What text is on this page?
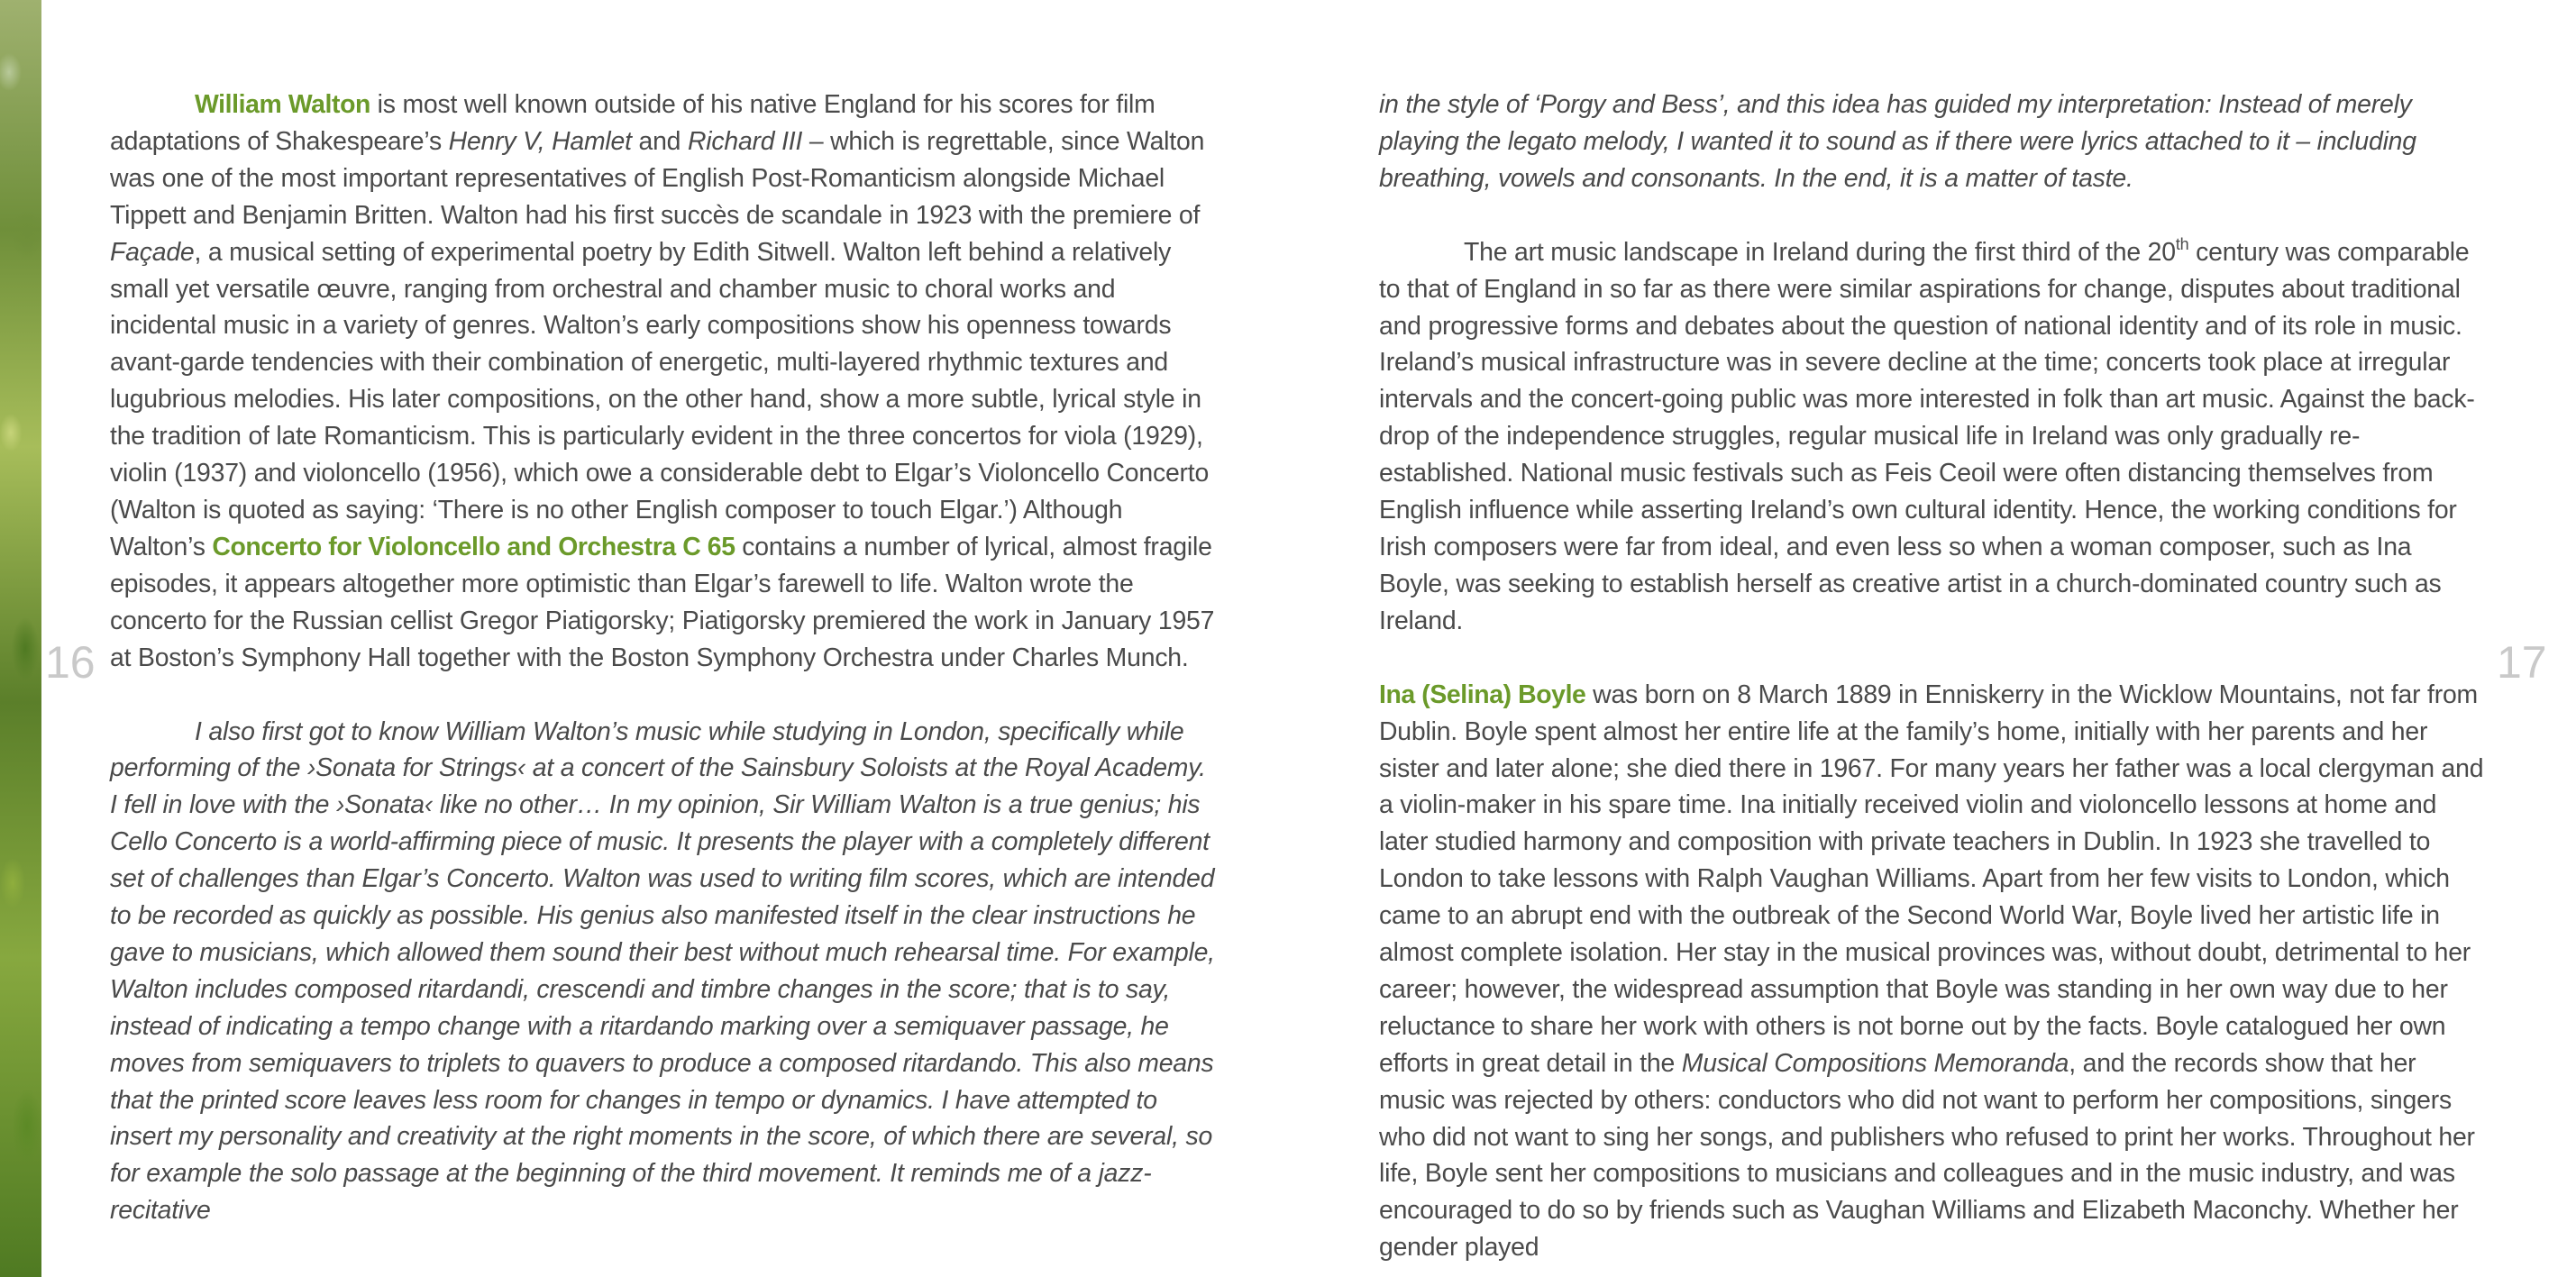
16	17

William Walton is most well known outside of his native England for his scores for film adaptations of Shakespeare’s Henry V, Hamlet and Richard III – which is regrettable, since Walton was one of the most important representatives of English Post-Romanticism alongside Michael Tippett and Benjamin Britten. Walton had his first succès de scandale in 1923 with the premiere of Façade, a musical setting of experimental poetry by Edith Sitwell. Walton left behind a relatively small yet versatile œuvre, ranging from orchestral and chamber music to choral works and incidental music in a variety of genres. Walton’s early compositions show his openness towards avant-garde tendencies with their combination of energetic, multi-layered rhythmic textures and lugubrious melodies. His later compositions, on the other hand, show a more subtle, lyrical style in the tradition of late Romanticism. This is particularly evident in the three concertos for viola (1929), violin (1937) and violoncello (1956), which owe a considerable debt to Elgar’s Violoncello Concerto (Walton is quoted as saying: ‘There is no other English composer to touch Elgar.’) Although Walton’s Concerto for Violoncello and Orchestra C 65 contains a number of lyrical, almost fragile episodes, it appears altogether more optimistic than Elgar’s farewell to life. Walton wrote the concerto for the Russian cellist Gregor Piatigorsky; Piatigorsky premiered the work in January 1957 at Boston’s Symphony Hall together with the Boston Symphony Orchestra under Charles Munch.

I also first got to know William Walton’s music while studying in London, specifically while performing of the ›Sonata for Strings‹ at a concert of the Sainsbury Soloists at the Royal Academy. I fell in love with the ›Sonata‹ like no other… In my opinion, Sir William Walton is a true genius; his Cello Concerto is a world-affirming piece of music. It presents the player with a completely different set of challenges than Elgar’s Concerto. Walton was used to writing film scores, which are intended to be recorded as quickly as possible. His genius also manifested itself in the clear instructions he gave to musicians, which allowed them sound their best without much rehearsal time. For example, Walton includes composed ritardandi, crescendi and timbre changes in the score; that is to say, instead of indicating a tempo change with a ritardando marking over a semiquaver passage, he moves from semiquavers to triplets to quavers to produce a composed ritardando. This also means that the printed score leaves less room for changes in tempo or dynamics. I have attempted to insert my personality and creativity at the right moments in the score, of which there are several, so for example the solo passage at the beginning of the third movement. It reminds me of a jazz-recitative

in the style of ‘Porgy and Bess’, and this idea has guided my interpretation: Instead of merely playing the legato melody, I wanted it to sound as if there were lyrics attached to it – including breathing, vowels and consonants. In the end, it is a matter of taste.

The art music landscape in Ireland during the first third of the 20th century was comparable to that of England in so far as there were similar aspirations for change, disputes about traditional and progressive forms and debates about the question of national identity and of its role in music. Ireland’s musical infrastructure was in severe decline at the time; concerts took place at irregular intervals and the concert-going public was more interested in folk than art music. Against the backdrop of the independence struggles, regular musical life in Ireland was only gradually re-established. National music festivals such as Feis Ceoil were often distancing themselves from English influence while asserting Ireland’s own cultural identity. Hence, the working conditions for Irish composers were far from ideal, and even less so when a woman composer, such as Ina Boyle, was seeking to establish herself as creative artist in a church-dominated country such as Ireland.

Ina (Selina) Boyle was born on 8 March 1889 in Enniskerry in the Wicklow Mountains, not far from Dublin. Boyle spent almost her entire life at the family’s home, initially with her parents and her sister and later alone; she died there in 1967. For many years her father was a local clergyman and a violin-maker in his spare time. Ina initially received violin and violoncello lessons at home and later studied harmony and composition with private teachers in Dublin. In 1923 she travelled to London to take lessons with Ralph Vaughan Williams. Apart from her few visits to London, which came to an abrupt end with the outbreak of the Second World War, Boyle lived her artistic life in almost complete isolation. Her stay in the musical provinces was, without doubt, detrimental to her career; however, the widespread assumption that Boyle was standing in her own way due to her reluctance to share her work with others is not borne out by the facts. Boyle catalogued her own efforts in great detail in the Musical Compositions Memoranda, and the records show that her music was rejected by others: conductors who did not want to perform her compositions, singers who did not want to sing her songs, and publishers who refused to print her works. Throughout her life, Boyle sent her compositions to musicians and colleagues and in the music industry, and was encouraged to do so by friends such as Vaughan Williams and Elizabeth Maconchy. Whether her gender played
